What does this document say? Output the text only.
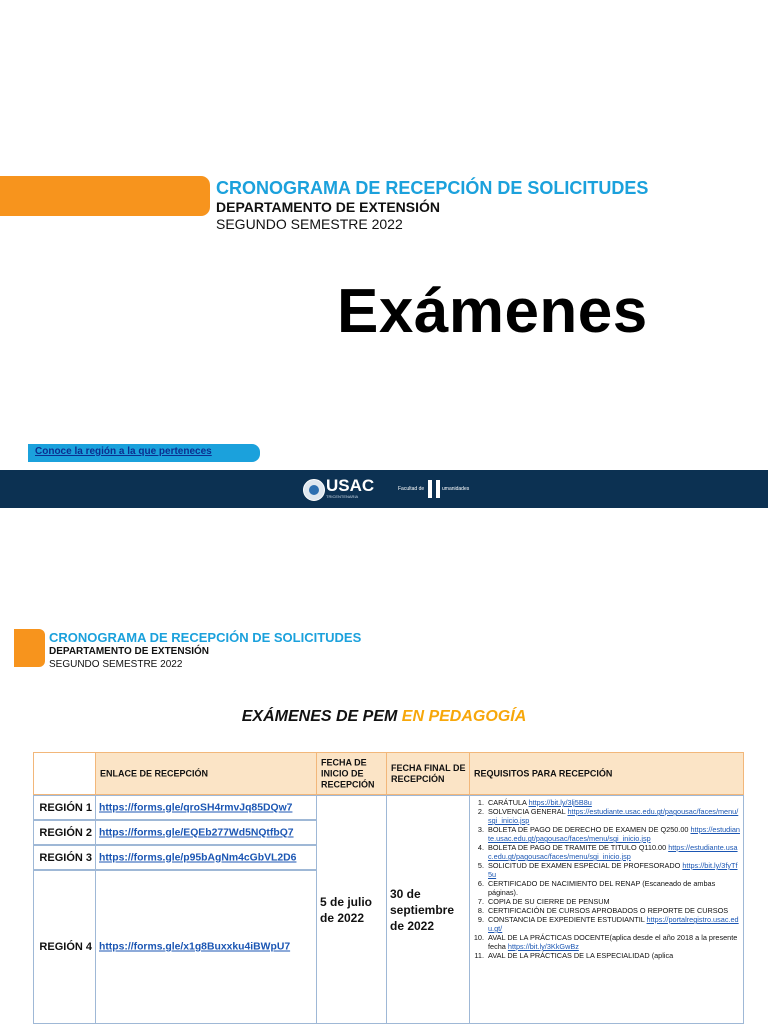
CRONOGRAMA DE RECEPCIÓN DE SOLICITUDES
DEPARTAMENTO DE EXTENSIÓN
SEGUNDO SEMESTRE 2022
Exámenes
Conoce la región a la que perteneces
USAC
TRICENTENARIA
Facultad de	umanidades
CRONOGRAMA DE RECEPCIÓN DE SOLICITUDES
DEPARTAMENTO DE EXTENSIÓN
SEGUNDO SEMESTRE 2022
EXÁMENES DE PEM EN PEDAGOGÍA
ENLACE DE RECEPCIÓN
FECHA DE INICIO DE RECEPCIÓN
FECHA FINAL DE RECEPCIÓN
REQUISITOS PARA RECEPCIÓN
REGIÓN 1 https://forms.gle/qroSH4rmvJq85DQw7
REGIÓN 2 https://forms.gle/EQEb277Wd5NQtfbQ7
REGIÓN 3 https://forms.gle/p95bAgNm4cGbVL2D6
REGIÓN 4 https://forms.gle/x1g8Buxxku4iBWpU7
5 de julio de 2022
30 de septiembre de 2022
1. CARÁTULA https://bit.ly/3lj5B8u
2. SOLVENCIA GENERAL https://estudiante.usac.edu.gt/pagousac/faces/menu/sgi_inicio.jsp
3. BOLETA DE PAGO DE DERECHO DE EXAMEN DE Q250.00 https://estudiante.usac.edu.gt/pagousac/faces/menu/sgi_inicio.jsp
4. BOLETA DE PAGO DE TRAMITE DE TITULO Q110.00 https://estudiante.usac.edu.gt/pagousac/faces/menu/sgi_inicio.jsp
5. SOLICITUD DE EXAMEN ESPECIAL DE PROFESORADO https://bit.ly/3fyTf5u
6. CERTIFICADO DE NACIMIENTO DEL RENAP (Escaneado de ambas páginas).
7. COPIA DE SU CIERRE DE PENSUM
8. CERTIFICACIÓN DE CURSOS APROBADOS O REPORTE DE CURSOS
9. CONSTANCIA DE EXPEDIENTE ESTUDIANTIL https://portalregistro.usac.edu.gt/
10. AVAL DE LA PRÁCTICAS DOCENTE(aplica desde el año 2018 a la presente fecha https://bit.ly/3KkGwBz
11. AVAL DE LA PRÁCTICAS DE LA ESPECIALIDAD (aplica
